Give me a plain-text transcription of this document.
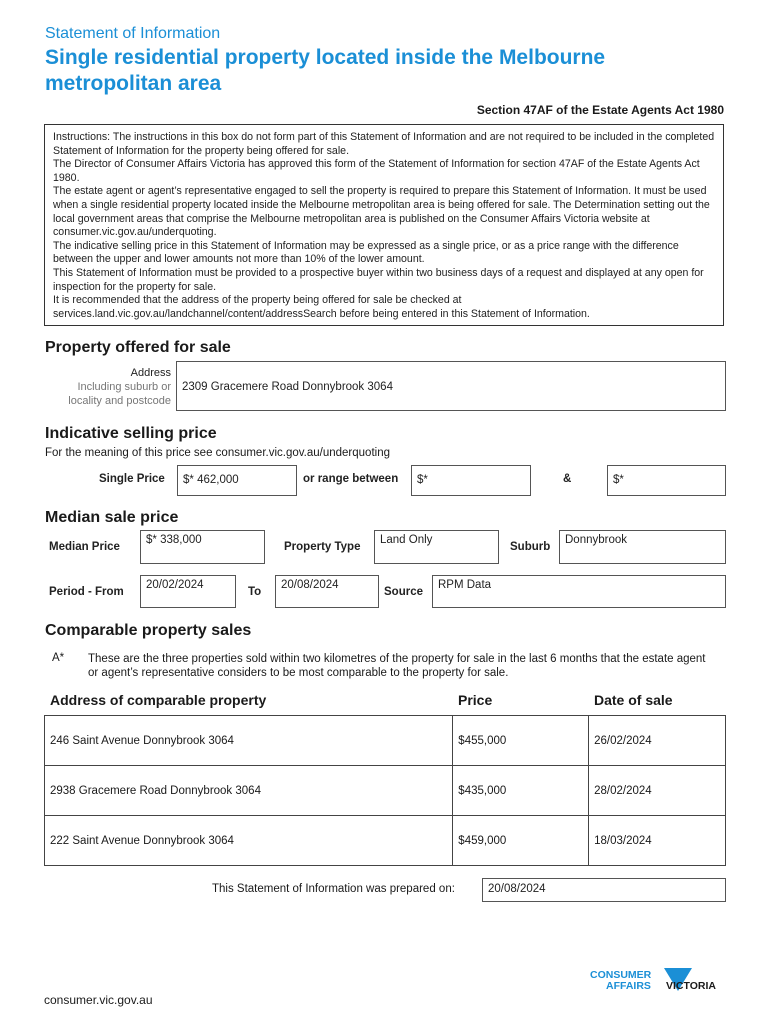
Statement of Information
Single residential property located inside the Melbourne metropolitan area
Section 47AF of the Estate Agents Act 1980

Instructions: The instructions in this box do not form part of this Statement of Information and are not required to be included in the completed Statement of Information for the property being offered for sale.

The Director of Consumer Affairs Victoria has approved this form of the Statement of Information for section 47AF of the Estate Agents Act 1980.

The estate agent or agent’s representative engaged to sell the property is required to prepare this Statement of Information. It must be used when a single residential property located inside the Melbourne metropolitan area is being offered for sale. The Determination setting out the local government areas that comprise the Melbourne metropolitan area is published on the Consumer Affairs Victoria website at consumer.vic.gov.au/underquoting.

The indicative selling price in this Statement of Information may be expressed as a single price, or as a price range with the difference between the upper and lower amounts not more than 10% of the lower amount.

This Statement of Information must be provided to a prospective buyer within two business days of a request and displayed at any open for inspection for the property for sale.

It is recommended that the address of the property being offered for sale be checked at services.land.vic.gov.au/landchannel/content/addressSearch before being entered in this Statement of Information.

Property offered for sale
Address
Including suburb or
locality and postcode
2309 Gracemere Road Donnybrook 3064
Indicative selling price
For the meaning of this price see consumer.vic.gov.au/underquoting
Single Price	$* 462,000	or range between	$*	&	$*
Median sale price
Median Price
$* 338,000
Property Type
Land Only
Suburb
Donnybrook
Period - From
20/02/2024
To
20/08/2024
Source
RPM Data
Comparable property sales
A* These are the three properties sold within two kilometres of the property for sale in the last 6 months that the estate agent or agent’s representative considers to be most comparable to the property for sale.
Address of comparable property	Price	Date of sale
246 Saint Avenue Donnybrook 3064	$455,000	26/02/2024
2938 Gracemere Road Donnybrook 3064	$435,000	28/02/2024
222 Saint Avenue Donnybrook 3064	$459,000	18/03/2024
This Statement of Information was prepared on:	20/08/2024
consumer.vic.gov.au
CONSUMER
AFFAIRS VICTORIA
